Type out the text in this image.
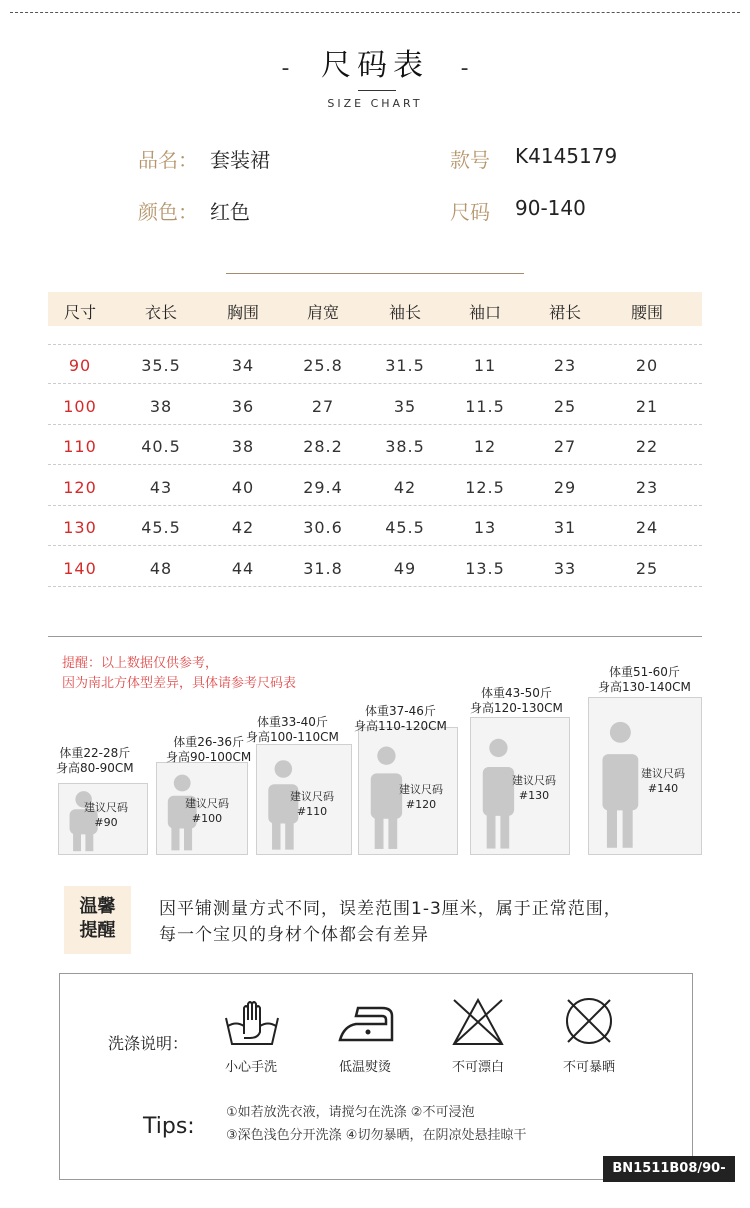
- 尺码表 -
SIZE CHART
品名： 套装裙	款号 K4145179
颜色： 红色	尺码 90-140
尺寸	衣长	胸围	肩宽	袖长	袖口	裙长	腰围
90	35.5	34	25.8	31.5	11	23	20
100	38	36	27	35	11.5	25	21
110	40.5	38	28.2	38.5	12	27	22
120	43	40	29.4	42	12.5	29	23
130	45.5	42	30.6	45.5	13	31	24
140	48	44	31.8	49	13.5	33	25
提醒：以上数据仅供参考，
因为南北方体型差异，具体请参考尺码表
体重22-28斤
身高80-90CM
建议尺码
#90
体重26-36斤
身高90-100CM
建议尺码
#100
体重33-40斤
身高100-110CM
建议尺码
#110
体重37-46斤
身高110-120CM
建议尺码
#120
体重43-50斤
身高120-130CM
建议尺码
#130
体重51-60斤
身高130-140CM
建议尺码
#140
温馨
提醒
因平铺测量方式不同，误差范围1-3厘米，属于正常范围，
每一个宝贝的身材个体都会有差异
洗涤说明：
小心手洗	低温熨烫	不可漂白	不可暴晒
Tips:
①如若放洗衣液，请搅匀在洗涤 ②不可浸泡
③深色浅色分开洗涤 ④切勿暴晒，在阴凉处悬挂晾干
BN1511B08/90-140
